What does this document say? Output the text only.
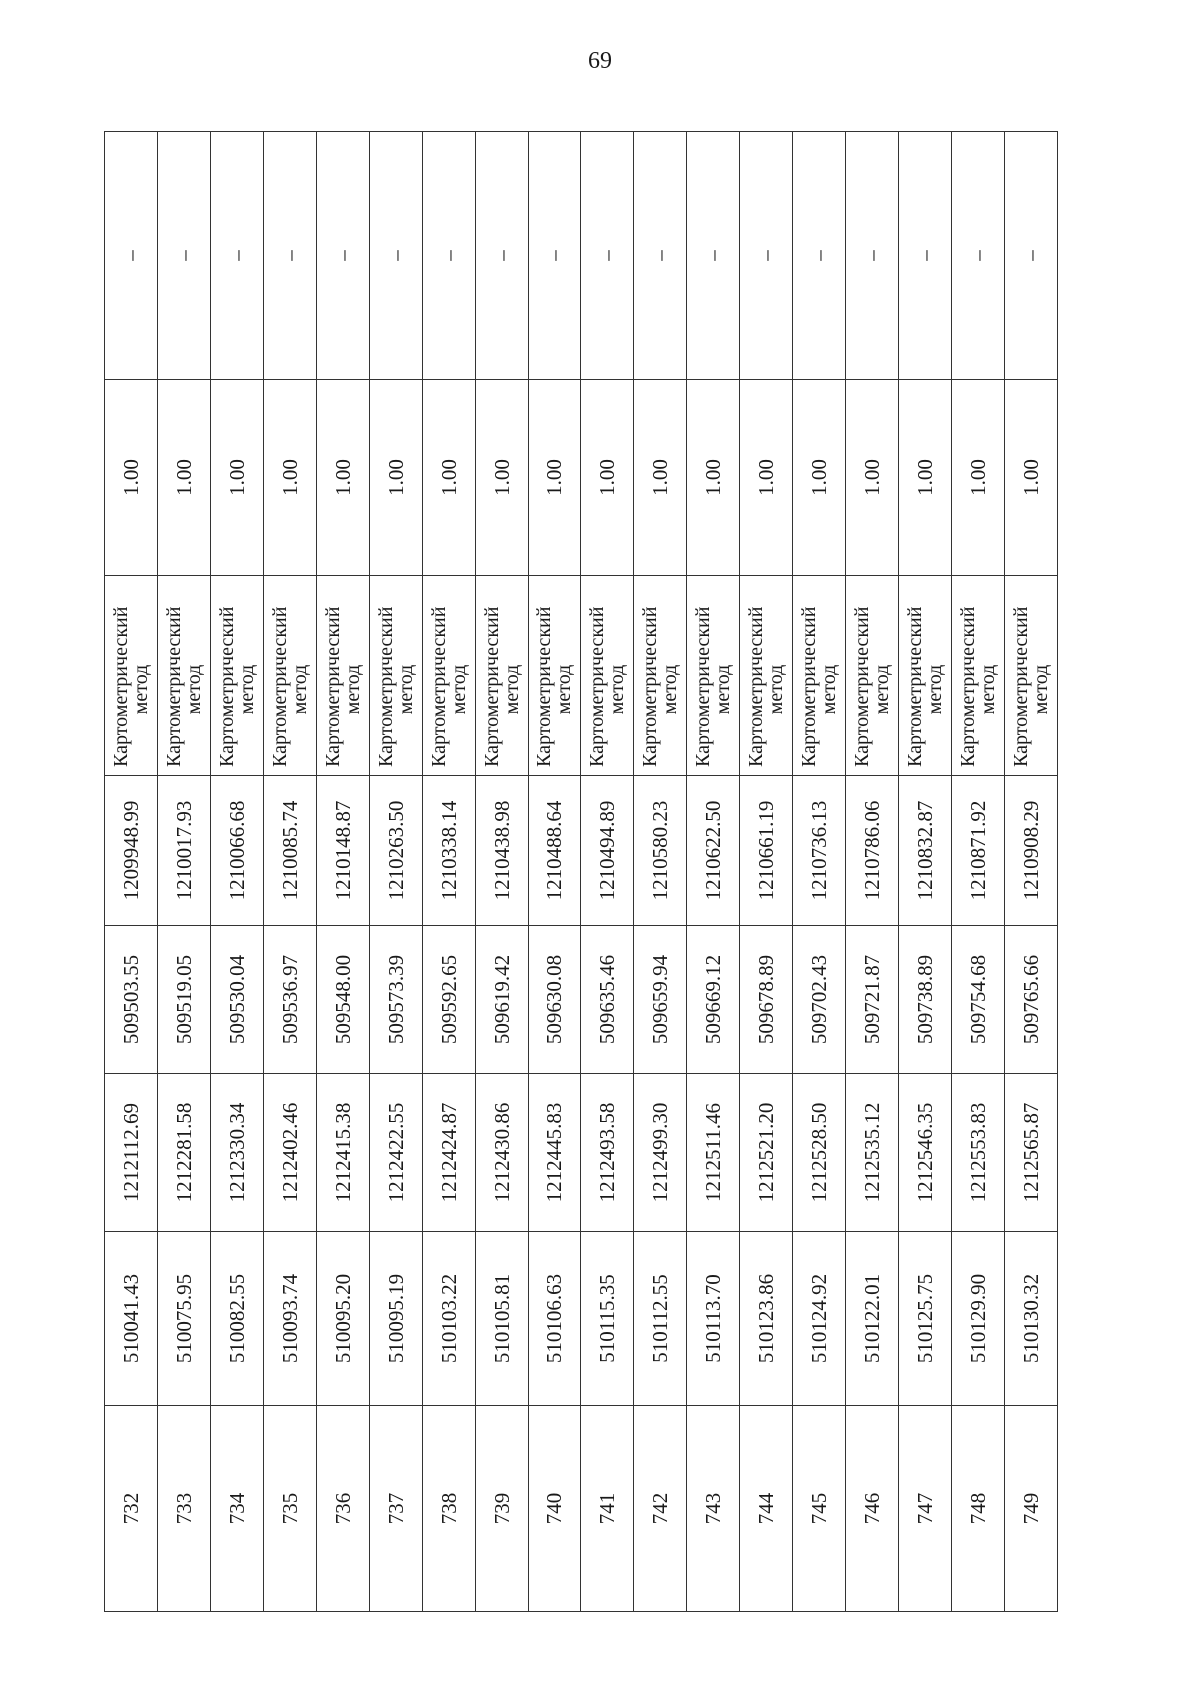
69
732	510041.43	1212112.69	509503.55	1209948.99	Картометрический
метод	1.00	–
733	510075.95	1212281.58	509519.05	1210017.93	Картометрический
метод	1.00	–
734	510082.55	1212330.34	509530.04	1210066.68	Картометрический
метод	1.00	–
735	510093.74	1212402.46	509536.97	1210085.74	Картометрический
метод	1.00	–
736	510095.20	1212415.38	509548.00	1210148.87	Картометрический
метод	1.00	–
737	510095.19	1212422.55	509573.39	1210263.50	Картометрический
метод	1.00	–
738	510103.22	1212424.87	509592.65	1210338.14	Картометрический
метод	1.00	–
739	510105.81	1212430.86	509619.42	1210438.98	Картометрический
метод	1.00	–
740	510106.63	1212445.83	509630.08	1210488.64	Картометрический
метод	1.00	–
741	510115.35	1212493.58	509635.46	1210494.89	Картометрический
метод	1.00	–
742	510112.55	1212499.30	509659.94	1210580.23	Картометрический
метод	1.00	–
743	510113.70	1212511.46	509669.12	1210622.50	Картометрический
метод	1.00	–
744	510123.86	1212521.20	509678.89	1210661.19	Картометрический
метод	1.00	–
745	510124.92	1212528.50	509702.43	1210736.13	Картометрический
метод	1.00	–
746	510122.01	1212535.12	509721.87	1210786.06	Картометрический
метод	1.00	–
747	510125.75	1212546.35	509738.89	1210832.87	Картометрический
метод	1.00	–
748	510129.90	1212553.83	509754.68	1210871.92	Картометрический
метод	1.00	–
749	510130.32	1212565.87	509765.66	1210908.29	Картометрический
метод	1.00	–
